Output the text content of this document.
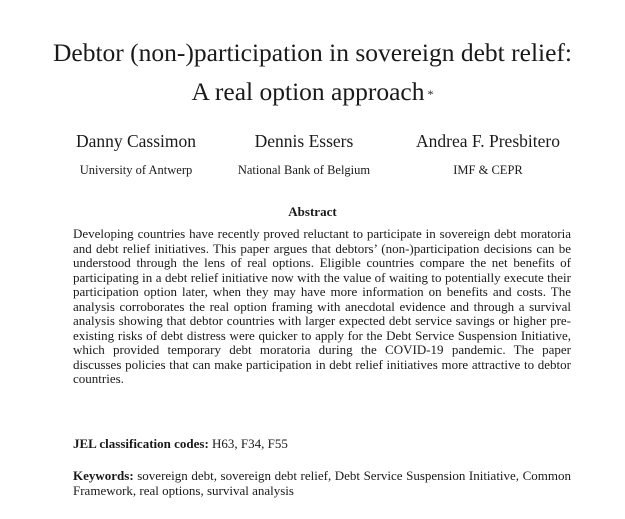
Debtor (non-)participation in sovereign debt relief:
A real option approach *
Danny Cassimon
University of Antwerp
Dennis Essers
National Bank of Belgium
Andrea F. Presbitero
IMF & CEPR
Abstract

Developing countries have recently proved reluctant to participate in sovereign debt moratoria and debt relief initiatives. This paper argues that debtors’ (non-)participation decisions can be understood through the lens of real options. Eligible countries compare the net benefits of participating in a debt relief initiative now with the value of waiting to potentially execute their participation option later, when they may have more information on benefits and costs. The analysis corroborates the real option framing with anecdotal evidence and through a survival analysis showing that debtor countries with larger expected debt service savings or higher pre-existing risks of debt distress were quicker to apply for the Debt Service Suspension Initiative, which provided temporary debt moratoria during the COVID-19 pandemic. The paper discusses policies that can make participation in debt relief initiatives more attractive to debtor countries.

JEL classification codes: H63, F34, F55

Keywords: sovereign debt, sovereign debt relief, Debt Service Suspension Initiative, Common Framework, real options, survival analysis
